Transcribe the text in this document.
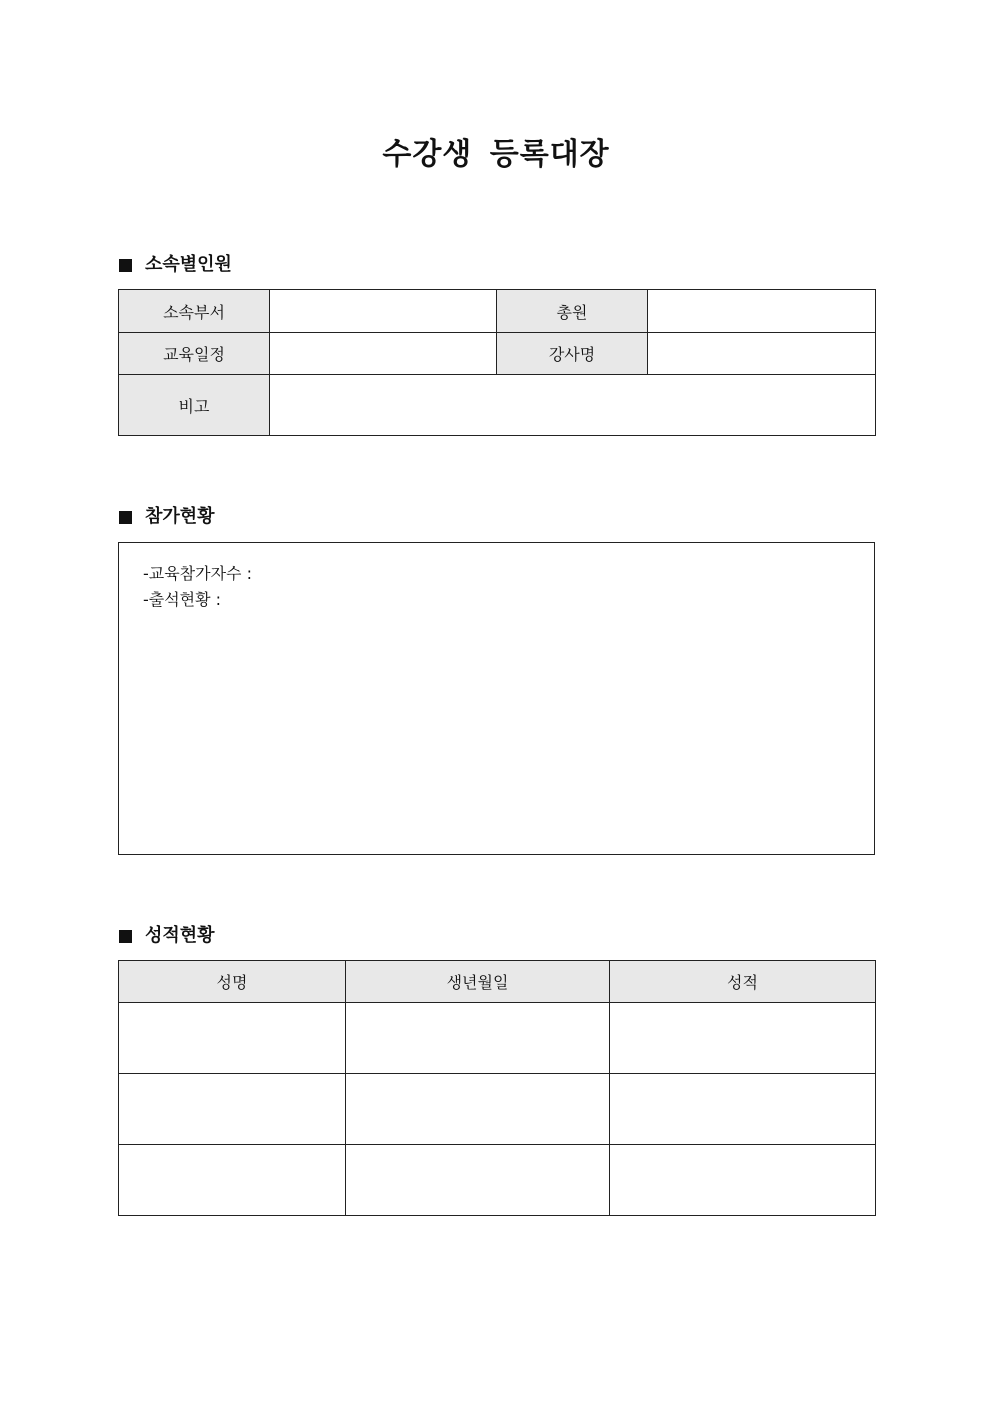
수강생 등록대장
소속별인원
소속부서		총원	
교육일정		강사명	
비고			
참가현황
-교육참가자수 :
-출석현황 :
성적현황
성명	생년월일	성적
